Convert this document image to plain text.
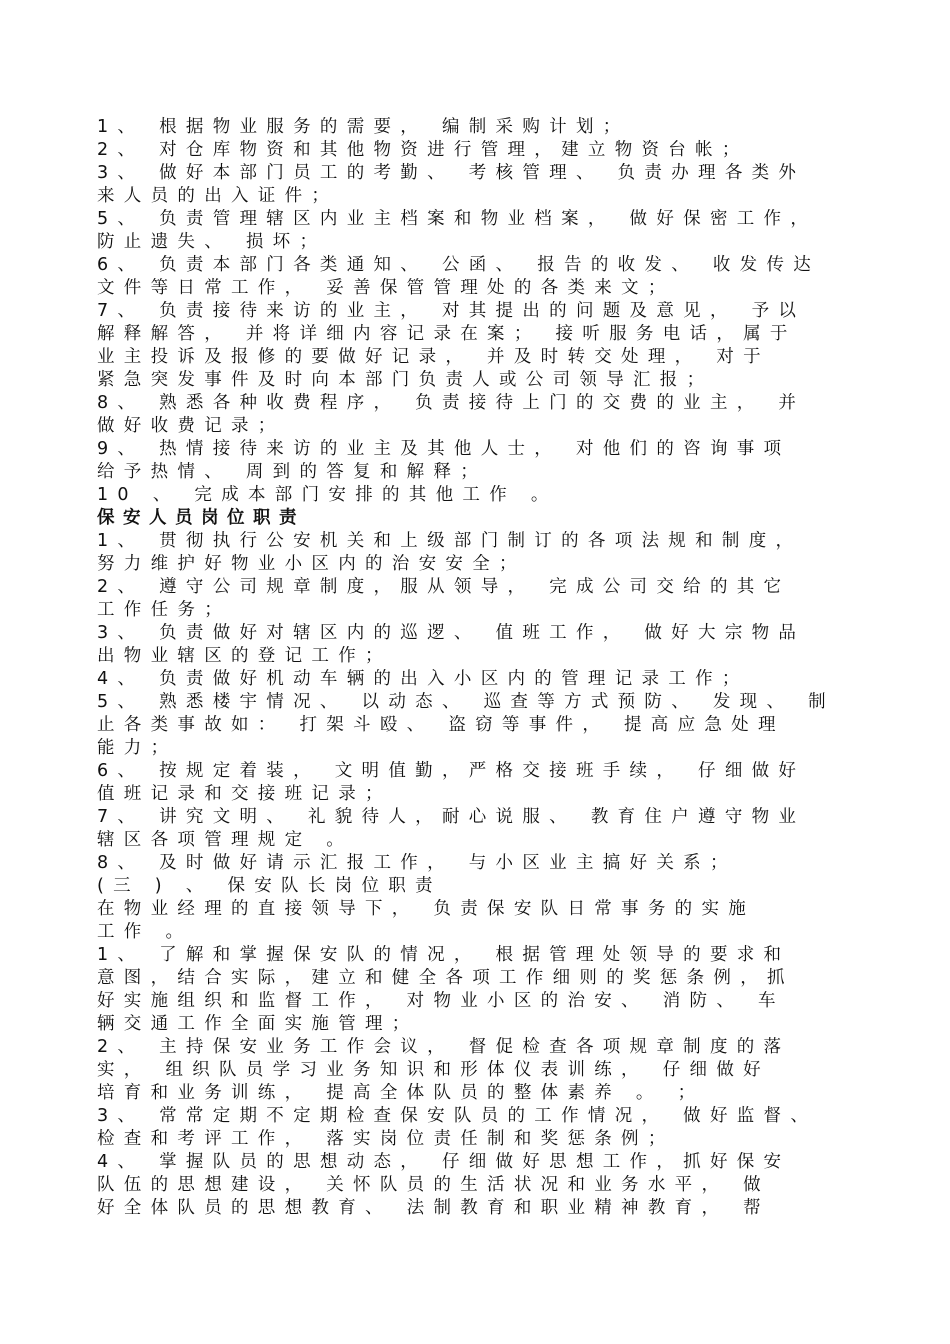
1、 根据物业服务的需要， 编制采购计划；
2、 对仓库物资和其他物资进行管理，建立物资台帐；
3、 做好本部门员工的考勤、 考核管理、 负责办理各类外
来人员的出入证件；
5、 负责管理辖区内业主档案和物业档案， 做好保密工作，
防止遗失、 损坏；
6、 负责本部门各类通知、 公函、 报告的收发、 收发传达
文件等日常工作， 妥善保管管理处的各类来文；
7、 负责接待来访的业主， 对其提出的问题及意见， 予以
解释解答， 并将详细内容记录在案； 接听服务电话，属于
业主投诉及报修的要做好记录， 并及时转交处理， 对于
紧急突发事件及时向本部门负责人或公司领导汇报；
8、 熟悉各种收费程序， 负责接待上门的交费的业主， 并
做好收费记录；
9、 热情接待来访的业主及其他人士， 对他们的咨询事项
给予热情、 周到的答复和解释；
10 、 完成本部门安排的其他工作 。
保安人员岗位职责
1、 贯彻执行公安机关和上级部门制订的各项法规和制度，
努力维护好物业小区内的治安安全；
2、 遵守公司规章制度，服从领导， 完成公司交给的其它
工作任务；
3、 负责做好对辖区内的巡逻、 值班工作， 做好大宗物品
出物业辖区的登记工作；
4、 负责做好机动车辆的出入小区内的管理记录工作；
5、 熟悉楼宇情况、 以动态、 巡查等方式预防、 发现、 制
止各类事故如： 打架斗殴、 盗窃等事件， 提高应急处理
能力；
6、 按规定着装， 文明值勤，严格交接班手续， 仔细做好
值班记录和交接班记录；
7、 讲究文明、 礼貌待人，耐心说服、 教育住户遵守物业
辖区各项管理规定 。
8、 及时做好请示汇报工作， 与小区业主搞好关系；
(三 ) 、 保安队长岗位职责
在物业经理的直接领导下， 负责保安队日常事务的实施
工作 。
1、 了解和掌握保安队的情况， 根据管理处领导的要求和
意图，结合实际，建立和健全各项工作细则的奖惩条例，抓
好实施组织和监督工作， 对物业小区的治安、 消防、 车
辆交通工作全面实施管理；
2、 主持保安业务工作会议， 督促检查各项规章制度的落
实， 组织队员学习业务知识和形体仪表训练， 仔细做好
培育和业务训练， 提高全体队员的整体素养 。 ；
3、 常常定期不定期检查保安队员的工作情况， 做好监督、
检查和考评工作， 落实岗位责任制和奖惩条例；
4、 掌握队员的思想动态， 仔细做好思想工作，抓好保安
队伍的思想建设， 关怀队员的生活状况和业务水平， 做
好全体队员的思想教育、 法制教育和职业精神教育， 帮
